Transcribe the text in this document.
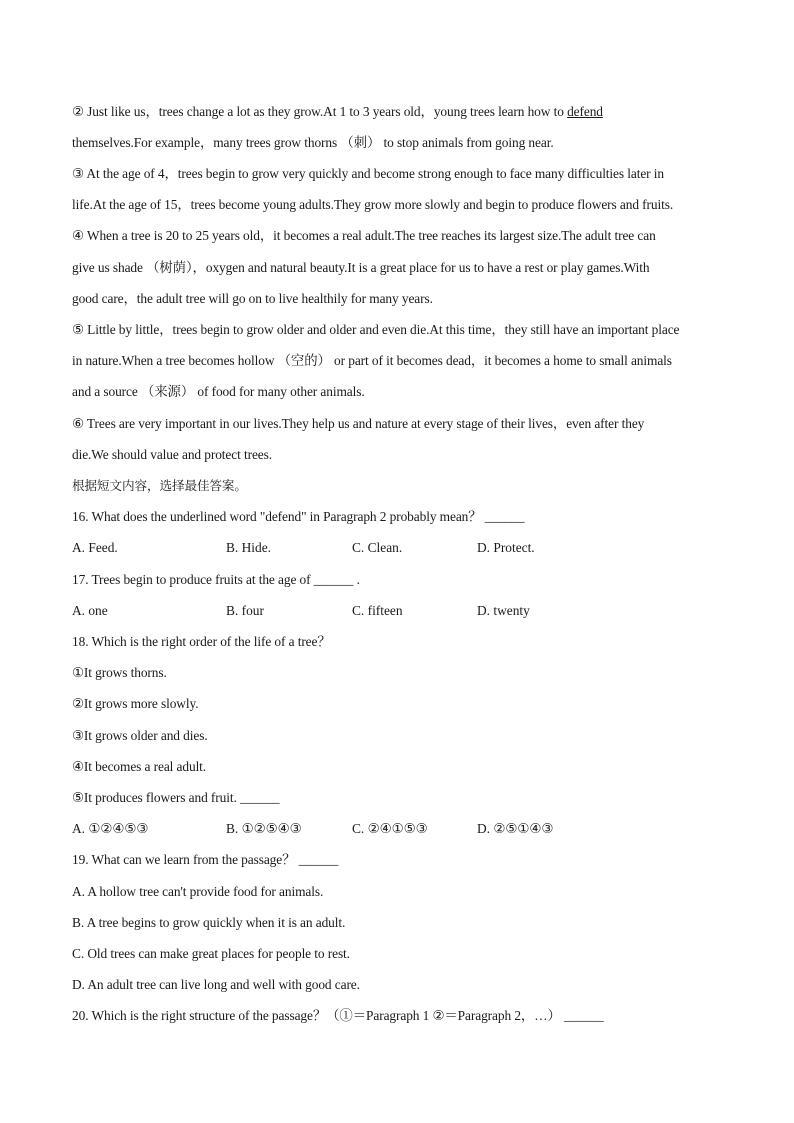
② Just like us，trees change a lot as they grow.At 1 to 3 years old，young trees learn how to defend
themselves.For example，many trees grow thorns （刺） to stop animals from going near.
③ At the age of 4，trees begin to grow very quickly and become strong enough to face many difficulties later in
life.At the age of 15，trees become young adults.They grow more slowly and begin to produce flowers and fruits.
④ When a tree is 20 to 25 years old，it becomes a real adult.The tree reaches its largest size.The adult tree can
give us shade （树荫），oxygen and natural beauty.It is a great place for us to have a rest or play games.With
good care，the adult tree will go on to live healthily for many years.
⑤ Little by little，trees begin to grow older and older and even die.At this time，they still have an important place
in nature.When a tree becomes hollow （空的） or part of it becomes dead，it becomes a home to small animals
and a source （来源） of food for many other animals.
⑥ Trees are very important in our lives.They help us and nature at every stage of their lives，even after they
die.We should value and protect trees.
根据短文内容，选择最佳答案。
16. What does the underlined word "defend" in Paragraph 2 probably mean？ ______
A. Feed.	B. Hide.	C. Clean.	D. Protect.
17. Trees begin to produce fruits at the age of ______ .
A. one	B. four	C. fifteen	D. twenty
18. Which is the right order of the life of a tree？
①It grows thorns.
②It grows more slowly.
③It grows older and dies.
④It becomes a real adult.
⑤It produces flowers and fruit. ______
A. ①②④⑤③	B. ①②⑤④③	C. ②④①⑤③	D. ②⑤①④③
19. What can we learn from the passage？ ______
A. A hollow tree can't provide food for animals.
B. A tree begins to grow quickly when it is an adult.
C. Old trees can make great places for people to rest.
D. An adult tree can live long and well with good care.
20. Which is the right structure of the passage？（①＝Paragraph 1 ②＝Paragraph 2，…） ______
